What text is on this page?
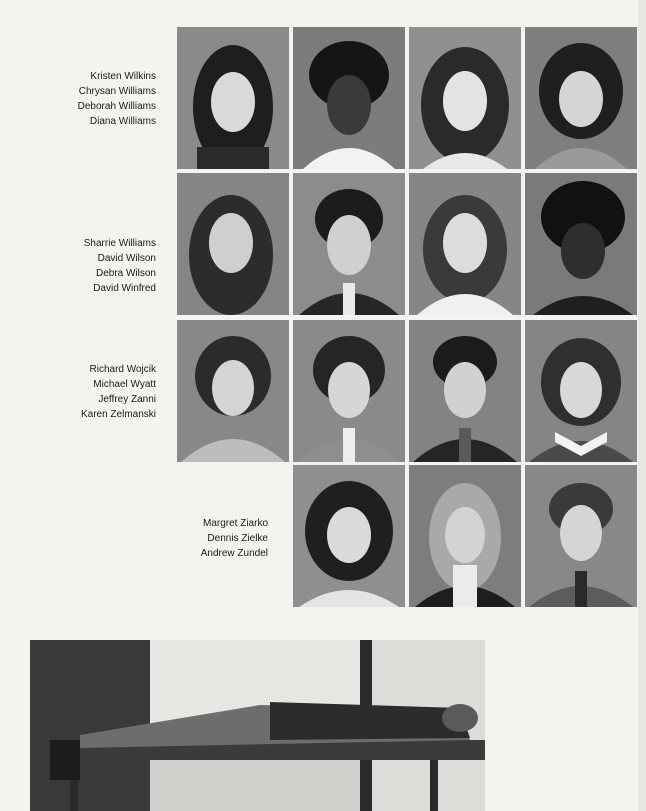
Kristen Wilkins
Chrysan Williams
Deborah Williams
Diana Williams
Sharrie Williams
David Wilson
Debra Wilson
David Winfred
Richard Wojcik
Michael Wyatt
Jeffrey Zanni
Karen Zelmanski
Margret Ziarko
Dennis Zielke
Andrew Zundel
